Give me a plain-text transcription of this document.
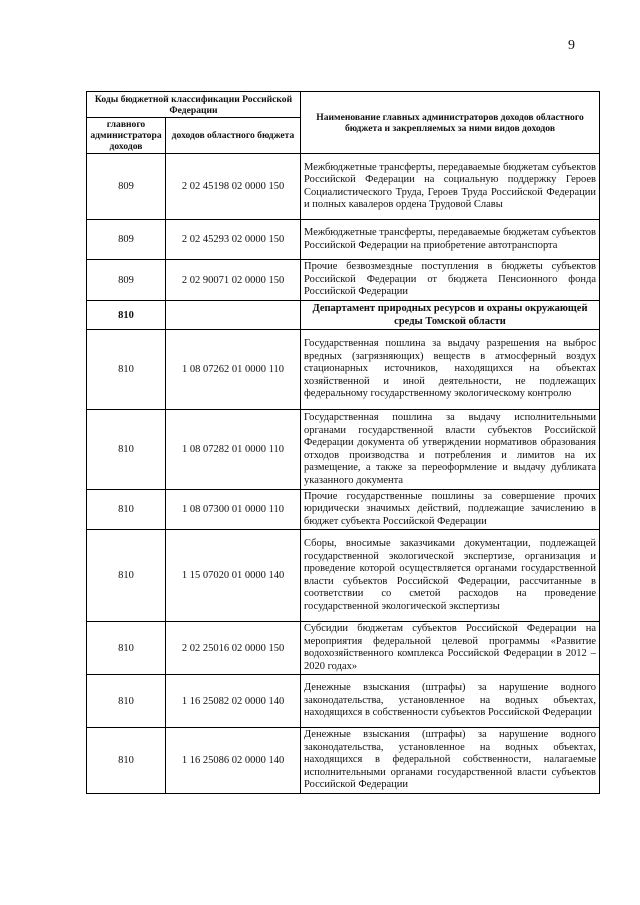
9
Коды бюджетной классификации Российской Федерации		Наименование главных администраторов доходов областного бюджета и закрепляемых за ними видов доходов
главного администратора доходов	доходов областного бюджета	
809	2 02 45198 02 0000 150	Межбюджетные трансферты, передаваемые бюджетам субъектов Российской Федерации на социальную поддержку Героев Социалистического Труда, Героев Труда Российской Федерации и полных кавалеров ордена Трудовой Славы
809	2 02 45293 02 0000 150	Межбюджетные трансферты, передаваемые бюджетам субъектов Российской Федерации на приобретение автотранспорта
809	2 02 90071 02 0000 150	Прочие безвозмездные поступления в бюджеты субъектов Российской Федерации от бюджета Пенсионного фонда Российской Федерации
810		Департамент природных ресурсов и охраны окружающей среды Томской области
810	1 08 07262 01 0000 110	Государственная пошлина за выдачу разрешения на выброс вредных (загрязняющих) веществ в атмосферный воздух стационарных источников, находящихся на объектах хозяйственной и иной деятельности, не подлежащих федеральному государственному экологическому контролю
810	1 08 07282 01 0000 110	Государственная пошлина за выдачу исполнительными органами государственной власти субъектов Российской Федерации документа об утверждении нормативов образования отходов производства и потребления и лимитов на их размещение, а также за переоформление и выдачу дубликата указанного документа
810	1 08 07300 01 0000 110	Прочие государственные пошлины за совершение прочих юридически значимых действий, подлежащие зачислению в бюджет субъекта Российской Федерации
810	1 15 07020 01 0000 140	Сборы, вносимые заказчиками документации, подлежащей государственной экологической экспертизе, организация и проведение которой осуществляется органами государственной власти субъектов Российской Федерации, рассчитанные в соответствии со сметой расходов на проведение государственной экологической экспертизы
810	2 02 25016 02 0000 150	Субсидии бюджетам субъектов Российской Федерации на мероприятия федеральной целевой программы «Развитие водохозяйственного комплекса Российской Федерации в 2012 – 2020 годах»
810	1 16 25082 02 0000 140	Денежные взыскания (штрафы) за нарушение водного законодательства, установленное на водных объектах, находящихся в собственности субъектов Российской Федерации
810	1 16 25086 02 0000 140	Денежные взыскания (штрафы) за нарушение водного законодательства, установленное на водных объектах, находящихся в федеральной собственности, налагаемые исполнительными органами государственной власти субъектов Российской Федерации
